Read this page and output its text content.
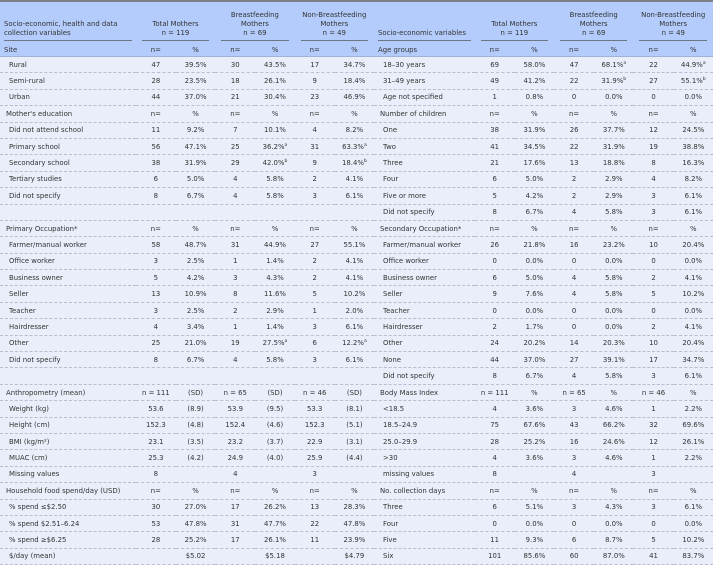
Socio-economic, health and data collection variables	Total Mothers
n = 119		Breastfeeding Mothers
n = 69		Non-Breastfeeding Mothers
n = 49		Socio-economic variables	Total Mothers
n = 119		Breastfeeding Mothers
n = 69		Non-Breastfeeding Mothers
n = 49	

Site	n=	%	n=	%	n=	%	Age groups	n=	%	n=	%	n=	%
Rural	47	39.5%	30	43.5%	17	34.7%	18–30 years	69	58.0%	47	68.1%$^a$	22	44.9%$^a$
Semi-rural	28	23.5%	18	26.1%	9	18.4%	31–49 years	49	41.2%	22	31.9%$^b$	27	55.1%$^b$
Urban	44	37.0%	21	30.4%	23	46.9%	Age not specified	1	0.8%	0	0.0%	0	0.0%
Mother's education	n=	%	n=	%	n=	%	Number of children	n=	%	n=	%	n=	%
Did not attend school	11	9.2%	7	10.1%	4	8.2%	One	38	31.9%	26	37.7%	12	24.5%
Primary school	56	47.1%	25	36.2%$^a$	31	63.3%$^a$	Two	41	34.5%	22	31.9%	19	38.8%
Secondary school	38	31.9%	29	42.0%$^b$	9	18.4%$^b$	Three	21	17.6%	13	18.8%	8	16.3%
Tertiary studies	6	5.0%	4	5.8%	2	4.1%	Four	6	5.0%	2	2.9%	4	8.2%
Did not specify	8	6.7%	4	5.8%	3	6.1%	Five or more	5	4.2%	2	2.9%	3	6.1%
							Did not specify	8	6.7%	4	5.8%	3	6.1%
Primary Occupation*	n=	%	n=	%	n=	%	Secondary Occupation*	n=	%	n=	%	n=	%
Farmer/manual worker	58	48.7%	31	44.9%	27	55.1%	Farmer/manual worker	26	21.8%	16	23.2%	10	20.4%
Office worker	3	2.5%	1	1.4%	2	4.1%	Office worker	0	0.0%	0	0.0%	0	0.0%
Business owner	5	4.2%	3	4.3%	2	4.1%	Business owner	6	5.0%	4	5.8%	2	4.1%
Seller	13	10.9%	8	11.6%	5	10.2%	Seller	9	7.6%	4	5.8%	5	10.2%
Teacher	3	2.5%	2	2.9%	1	2.0%	Teacher	0	0.0%	0	0.0%	0	0.0%
Hairdresser	4	3.4%	1	1.4%	3	6.1%	Hairdresser	2	1.7%	0	0.0%	2	4.1%
Other	25	21.0%	19	27.5%$^a$	6	12.2%$^a$	Other	24	20.2%	14	20.3%	10	20.4%
Did not specify	8	6.7%	4	5.8%	3	6.1%	None	44	37.0%	27	39.1%	17	34.7%
							Did not specify	8	6.7%	4	5.8%	3	6.1%
Anthropometry (mean)	n = 111	(SD)	n = 65	(SD)	n = 46	(SD)	Body Mass Index	n = 111	%	n = 65	%	n = 46	%
Weight (kg)	53.6	(8.9)	53.9	(9.5)	53.3	(8.1)	<18.5	4	3.6%	3	4.6%	1	2.2%
Height (cm)	152.3	(4.8)	152.4	(4.6)	152.3	(5.1)	18.5–24.9	75	67.6%	43	66.2%	32	69.6%
BMI (kg/m²)	23.1	(3.5)	23.2	(3.7)	22.9	(3.1)	25.0–29.9	28	25.2%	16	24.6%	12	26.1%
MUAC (cm)	25.3	(4.2)	24.9	(4.0)	25.9	(4.4)	>30	4	3.6%	3	4.6%	1	2.2%
Missing values	8		4		3		missing values	8		4		3	
Household food spend/day (USD)	n=	%	n=	%	n=	%	No. collection days	n=	%	n=	%	n=	%
% spend ≤$2.50	30	27.0%	17	26.2%	13	28.3%	Three	6	5.1%	3	4.3%	3	6.1%
% spend $2.51–6.24	53	47.8%	31	47.7%	22	47.8%	Four	0	0.0%	0	0.0%	0	0.0%
% spend ≥$6.25	28	25.2%	17	26.1%	11	23.9%	Five	11	9.3%	6	8.7%	5	10.2%
$/day (mean)		$5.02		$5.18		$4.79	Six	101	85.6%	60	87.0%	41	83.7%
